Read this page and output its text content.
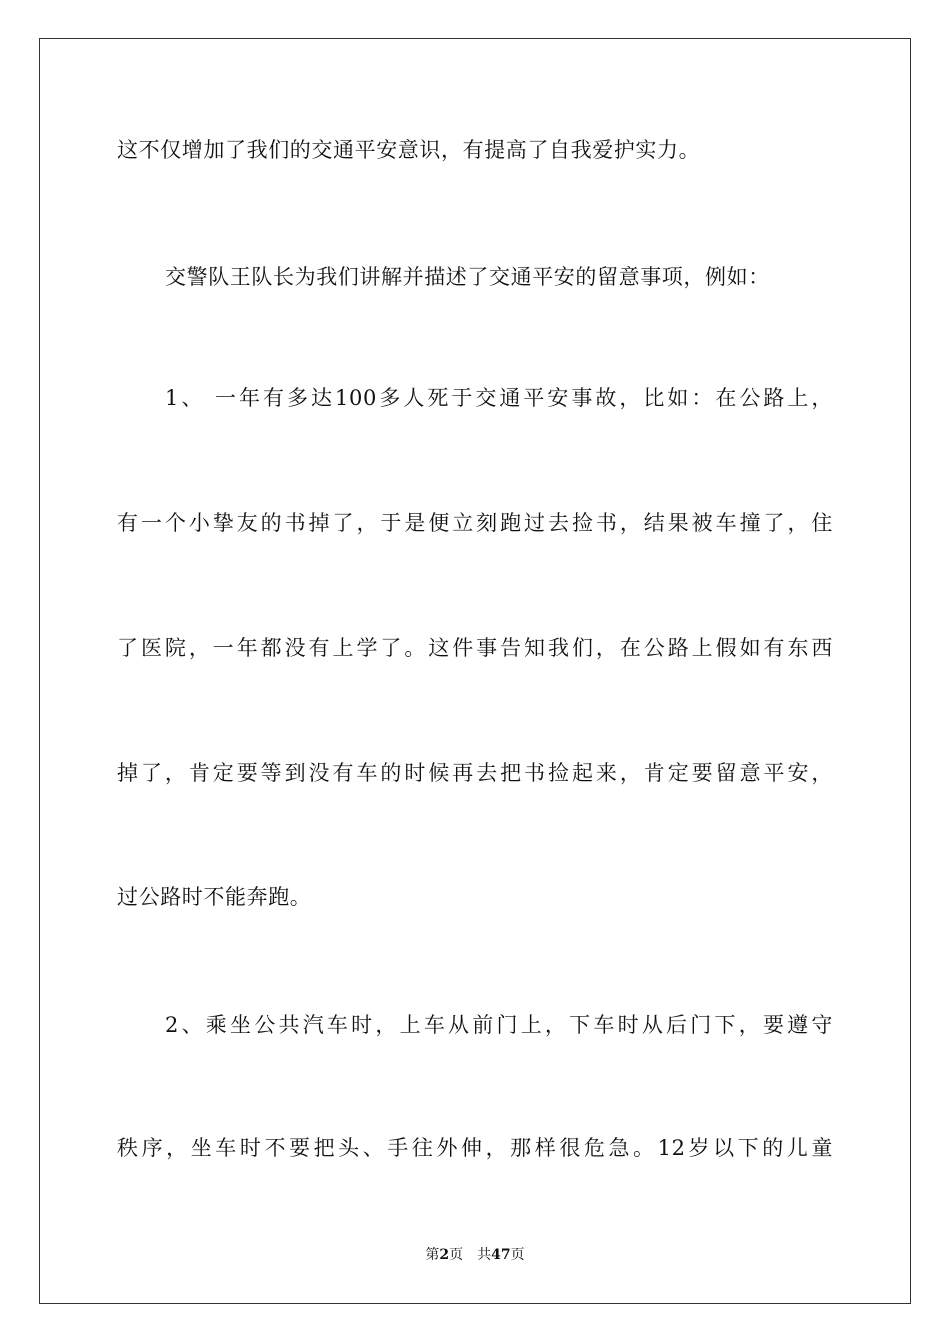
这不仅增加了我们的交通平安意识，有提高了自我爱护实力。
交警队王队长为我们讲解并描述了交通平安的留意事项，例如：
1、 一年有多达100多人死于交通平安事故，比如：在公路上，
有一个小挚友的书掉了，于是便立刻跑过去捡书，结果被车撞了，住
了医院，一年都没有上学了。这件事告知我们，在公路上假如有东西
掉了，肯定要等到没有车的时候再去把书捡起来，肯定要留意平安，
过公路时不能奔跑。
2、乘坐公共汽车时，上车从前门上，下车时从后门下，要遵守
秩序，坐车时不要把头、手往外伸，那样很危急。12岁以下的儿童
第2页 共47页
